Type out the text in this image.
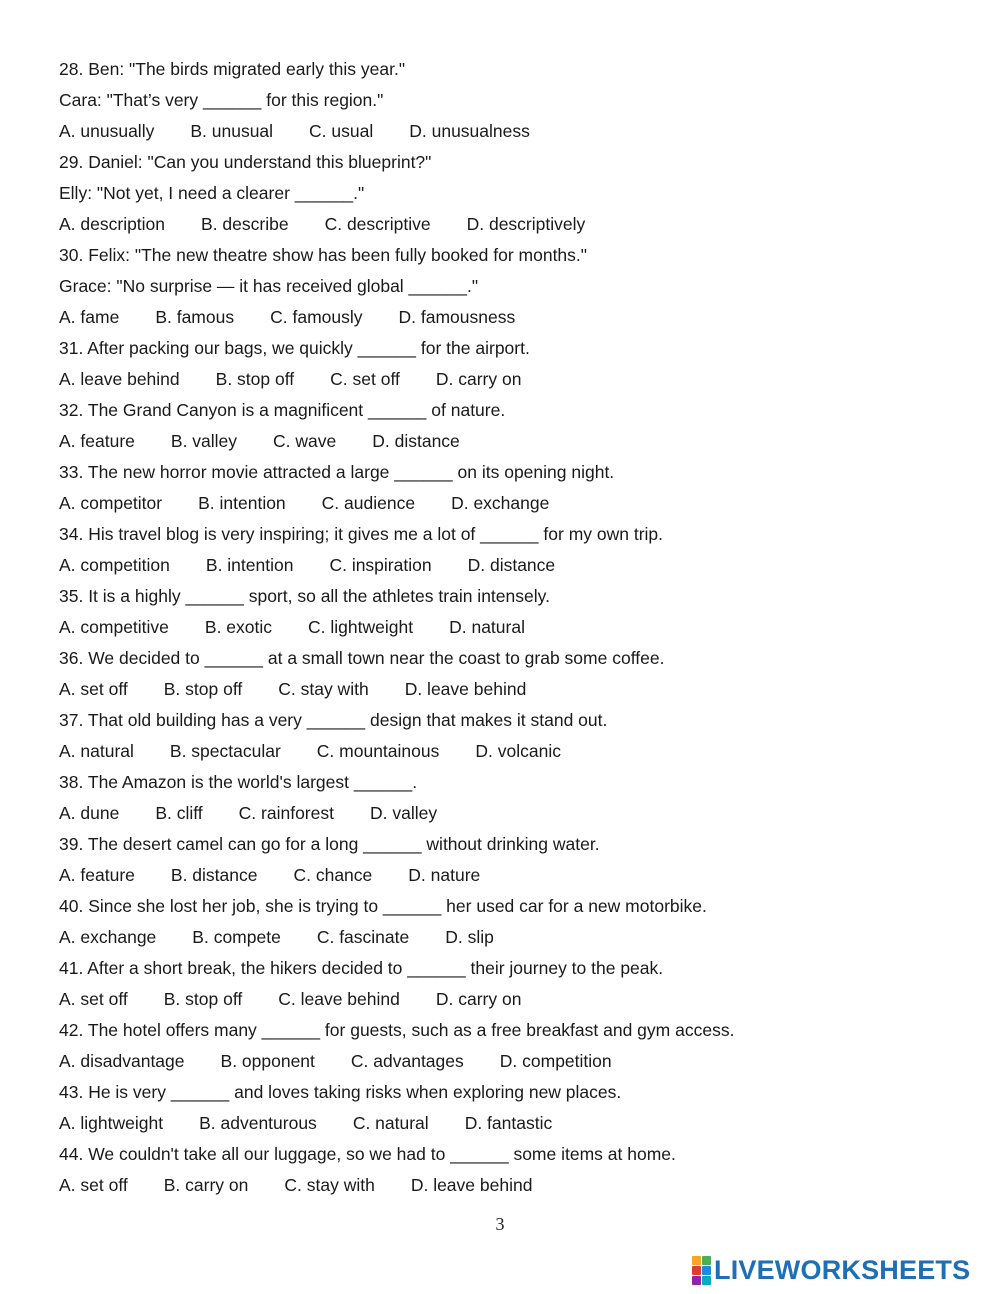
28. Ben: "The birds migrated early this year."
Cara: "That’s very ______ for this region."
A. unusually B. unusual C. usual D. unusualness
29. Daniel: "Can you understand this blueprint?"
Elly: "Not yet, I need a clearer ______."
A. description B. describe C. descriptive D. descriptively
30. Felix: "The new theatre show has been fully booked for months."
Grace: "No surprise — it has received global ______."
A. fame B. famous C. famously D. famousness
31. After packing our bags, we quickly ______ for the airport.
A. leave behind B. stop off C. set off D. carry on
32. The Grand Canyon is a magnificent ______ of nature.
A. feature B. valley C. wave D. distance
33. The new horror movie attracted a large ______ on its opening night.
A. competitor B. intention C. audience D. exchange
34. His travel blog is very inspiring; it gives me a lot of ______ for my own trip.
A. competition B. intention C. inspiration D. distance
35. It is a highly ______ sport, so all the athletes train intensely.
A. competitive B. exotic C. lightweight D. natural
36. We decided to ______ at a small town near the coast to grab some coffee.
A. set off B. stop off C. stay with D. leave behind
37. That old building has a very ______ design that makes it stand out.
A. natural B. spectacular C. mountainous D. volcanic
38. The Amazon is the world's largest ______.
A. dune B. cliff C. rainforest D. valley
39. The desert camel can go for a long ______ without drinking water.
A. feature B. distance C. chance D. nature
40. Since she lost her job, she is trying to ______ her used car for a new motorbike.
A. exchange B. compete C. fascinate D. slip
41. After a short break, the hikers decided to ______ their journey to the peak.
A. set off B. stop off C. leave behind D. carry on
42. The hotel offers many ______ for guests, such as a free breakfast and gym access.
A. disadvantage B. opponent C. advantages D. competition
43. He is very ______ and loves taking risks when exploring new places.
A. lightweight B. adventurous C. natural D. fantastic
44. We couldn't take all our luggage, so we had to ______ some items at home.
A. set off B. carry on C. stay with D. leave behind
3
LIVEWORKSHEETS
